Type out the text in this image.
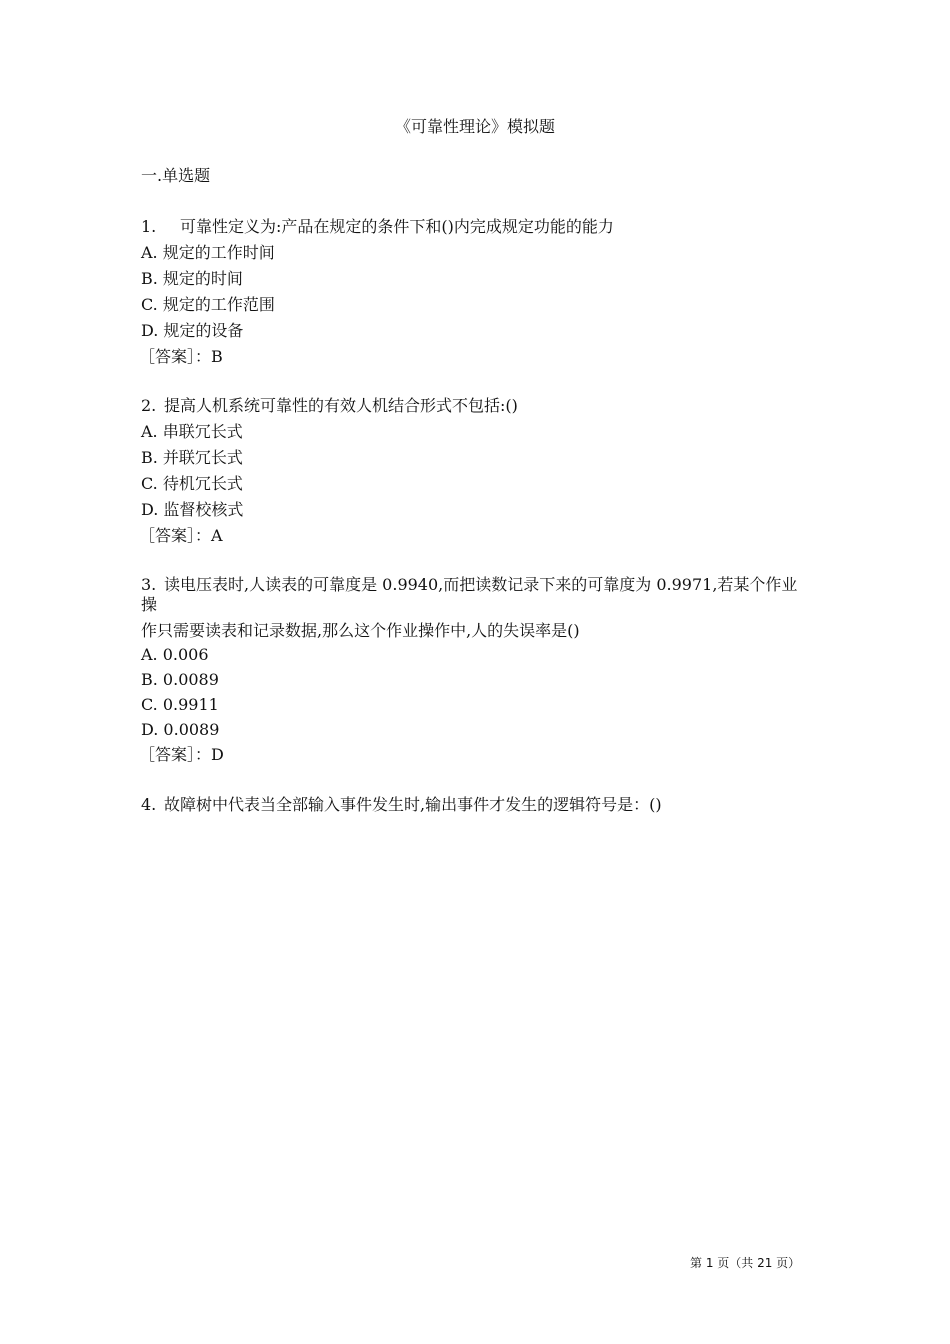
《可靠性理论》模拟题
一.单选题
1. 可靠性定义为:产品在规定的条件下和()内完成规定功能的能力
A. 规定的工作时间
B. 规定的时间
C. 规定的工作范围
D. 规定的设备
［答案］：B
2. 提高人机系统可靠性的有效人机结合形式不包括:()
A. 串联冗长式
B. 并联冗长式
C. 待机冗长式
D. 监督校核式
［答案］：A
3. 读电压表时,人读表的可靠度是 0.9940,而把读数记录下来的可靠度为 0.9971,若某个作业
操
作只需要读表和记录数据,那么这个作业操作中,人的失误率是()
A. 0.006
B. 0.0089
C. 0.9911
D. 0.0089
［答案］：D
4. 故障树中代表当全部输入事件发生时,输出事件才发生的逻辑符号是：()
第 1 页（共 21 页）
